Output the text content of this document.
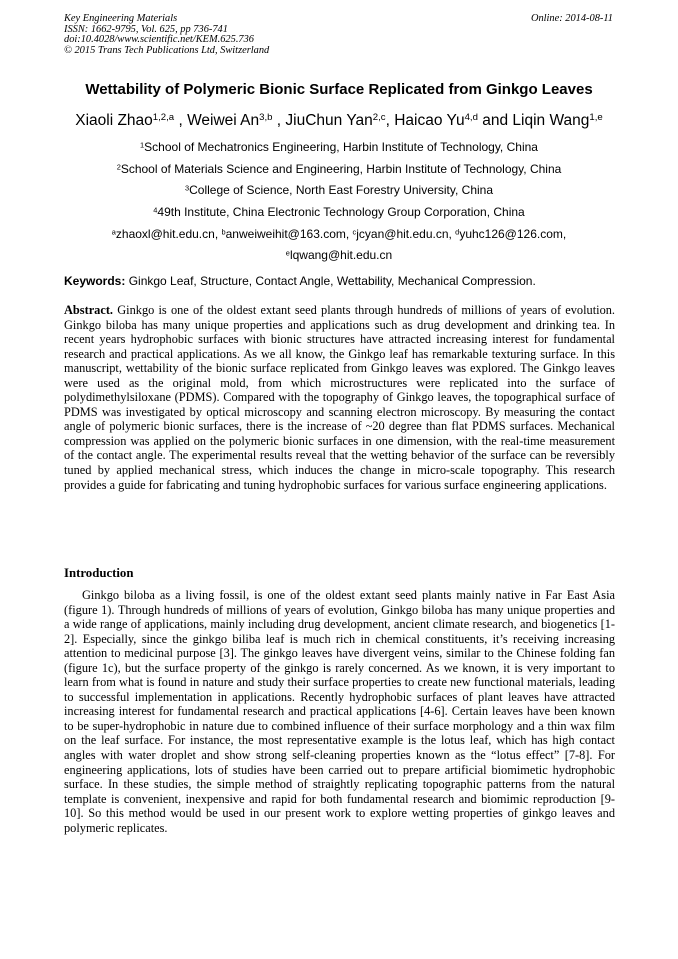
Key Engineering Materials
ISSN: 1662-9795, Vol. 625, pp 736-741
doi:10.4028/www.scientific.net/KEM.625.736
© 2015 Trans Tech Publications Ltd, Switzerland
Online: 2014-08-11
Wettability of Polymeric Bionic Surface Replicated from Ginkgo Leaves
Xiaoli Zhao$^{1,2,a}$ , Weiwei An$^{3,b}$ , JiuChun Yan$^{2,c}$, Haicao Yu$^{4,d}$ and Liqin Wang$^{1,e}$
$^1$School of Mechatronics Engineering, Harbin Institute of Technology, China
$^2$School of Materials Science and Engineering, Harbin Institute of Technology, China
$^3$College of Science, North East Forestry University, China
$^4$49th Institute, China Electronic Technology Group Corporation, China
$^a$zhaoxl@hit.edu.cn, $^b$anweiweihit@163.com, $^c$jcyan@hit.edu.cn, $^d$yuhc126@126.com,
$^e$lqwang@hit.edu.cn
Keywords: Ginkgo Leaf, Structure, Contact Angle, Wettability, Mechanical Compression.
Abstract. Ginkgo is one of the oldest extant seed plants through hundreds of millions of years of evolution. Ginkgo biloba has many unique properties and applications such as drug development and drinking tea. In recent years hydrophobic surfaces with bionic structures have attracted increasing interest for fundamental research and practical applications. As we all know, the Ginkgo leaf has remarkable texturing surface. In this manuscript, wettability of the bionic surface replicated from Ginkgo leaves was explored. The Ginkgo leaves were used as the original mold, from which microstructures were replicated into the surface of polydimethylsiloxane (PDMS). Compared with the topography of Ginkgo leaves, the topographical surface of PDMS was investigated by optical microscopy and scanning electron microscopy. By measuring the contact angle of polymeric bionic surfaces, there is the increase of ~20 degree than flat PDMS surfaces. Mechanical compression was applied on the polymeric bionic surfaces in one dimension, with the real-time measurement of the contact angle. The experimental results reveal that the wetting behavior of the surface can be reversibly tuned by applied mechanical stress, which induces the change in micro-scale topography. This research provides a guide for fabricating and tuning hydrophobic surfaces for various surface engineering applications.
Introduction
Ginkgo biloba as a living fossil, is one of the oldest extant seed plants mainly native in Far East Asia (figure 1). Through hundreds of millions of years of evolution, Ginkgo biloba has many unique properties and a wide range of applications, mainly including drug development, ancient climate research, and biogenetics [1-2]. Especially, since the ginkgo biliba leaf is much rich in chemical constituents, it’s receiving increasing attention to medicinal purpose [3]. The ginkgo leaves have divergent veins, similar to the Chinese folding fan (figure 1c), but the surface property of the ginkgo is rarely concerned. As we known, it is very important to learn from what is found in nature and study their surface properties to create new functional materials, leading to successful implementation in applications. Recently hydrophobic surfaces of plant leaves have attracted increasing interest for fundamental research and practical applications [4-6]. Certain leaves have been known to be super-hydrophobic in nature due to combined influence of their surface morphology and a thin wax film on the leaf surface. For instance, the most representative example is the lotus leaf, which has high contact angles with water droplet and show strong self-cleaning properties known as the “lotus effect” [7-8]. For engineering applications, lots of studies have been carried out to prepare artificial biomimetic hydrophobic surface. In these studies, the simple method of straightly replicating topographic patterns from the natural template is convenient, inexpensive and rapid for both fundamental research and biomimic reproduction [9-10]. So this method would be used in our present work to explore wetting properties of ginkgo leaves and polymeric replicates.
